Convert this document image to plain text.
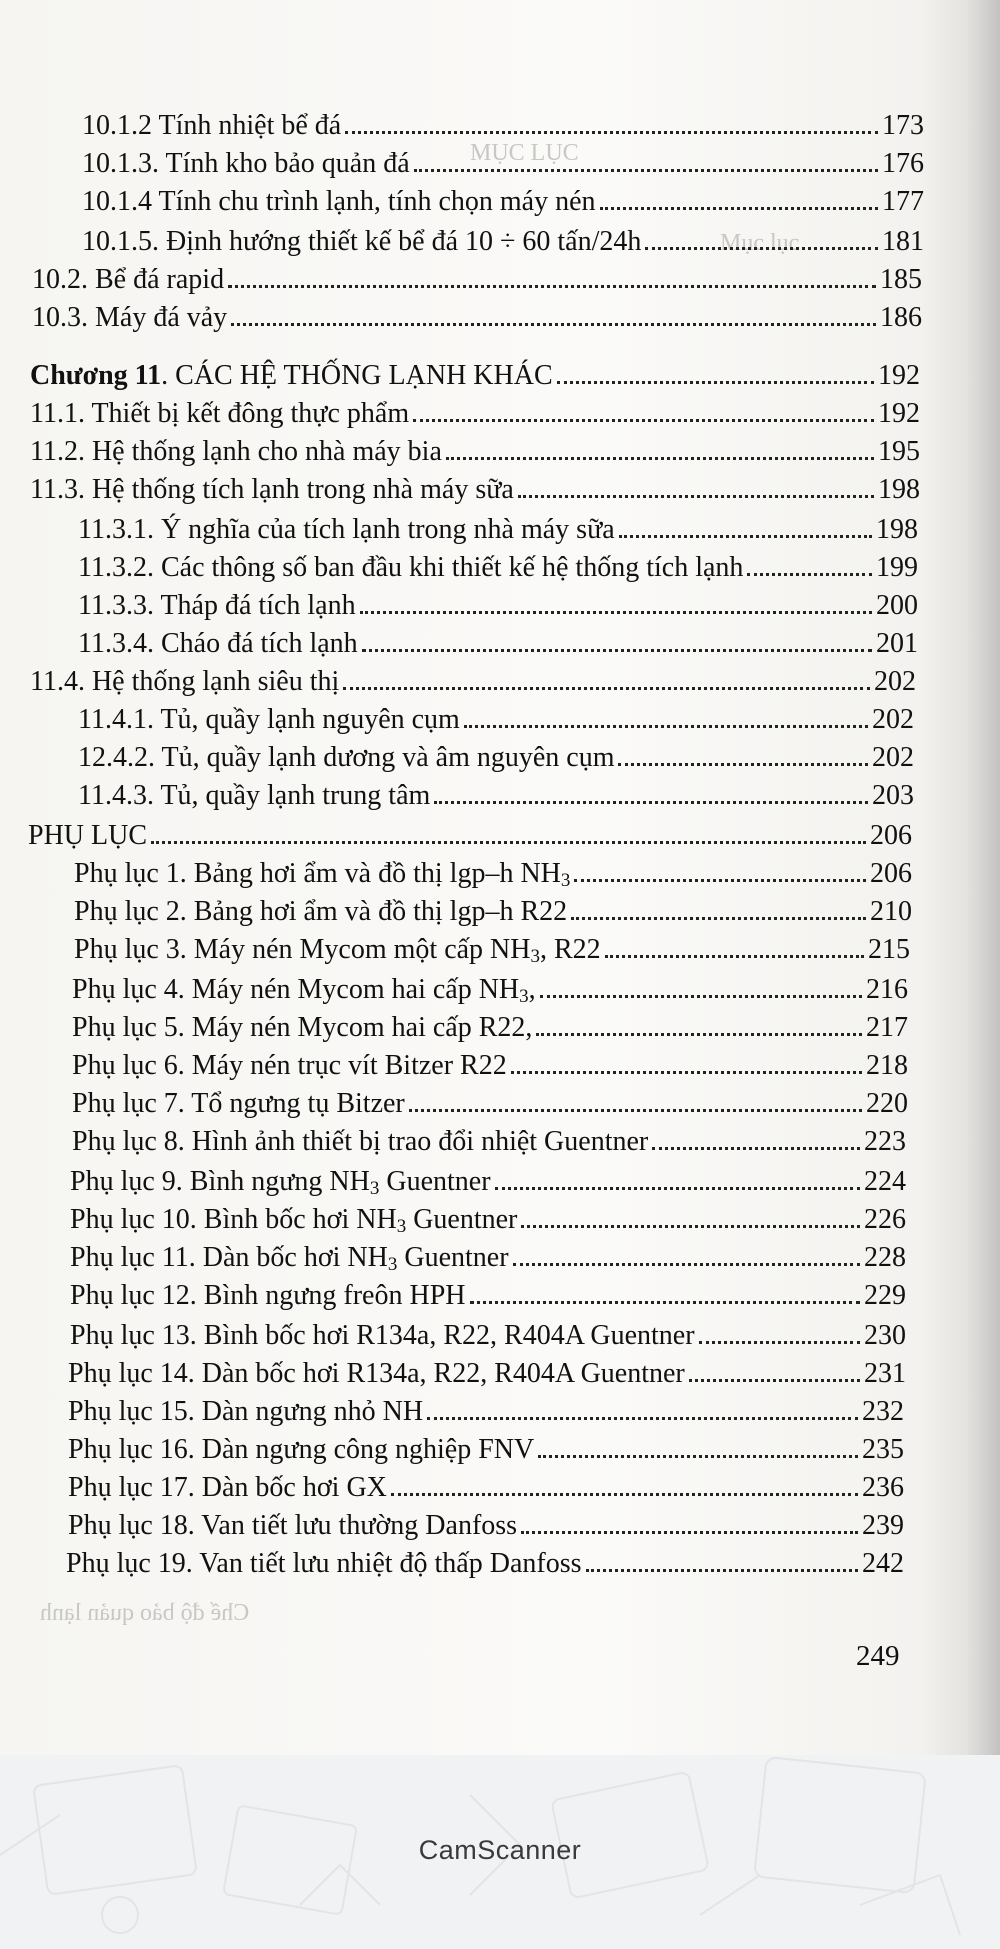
MỤC LỤC
Mục lục
Chế độ bảo quản lạnh
10.1.2 Tính nhiệt bể đá	173
10.1.3. Tính kho bảo quản đá	176
10.1.4 Tính chu trình lạnh, tính chọn máy nén	177
10.1.5. Định hướng thiết kế bể đá 10 ÷ 60 tấn/24h	181
10.2. Bể đá rapid	185
10.3. Máy đá vảy	186
Chương 11. CÁC HỆ THỐNG LẠNH KHÁC	192
11.1. Thiết bị kết đông thực phẩm	192
11.2. Hệ thống lạnh cho nhà máy bia	195
11.3. Hệ thống tích lạnh trong nhà máy sữa	198
11.3.1. Ý nghĩa của tích lạnh trong nhà máy sữa	198
11.3.2. Các thông số ban đầu khi thiết kế hệ thống tích lạnh	199
11.3.3. Tháp đá tích lạnh	200
11.3.4. Cháo đá tích lạnh	201
11.4. Hệ thống lạnh siêu thị	202
11.4.1. Tủ, quầy lạnh nguyên cụm	202
12.4.2. Tủ, quầy lạnh dương và âm nguyên cụm	202
11.4.3. Tủ, quầy lạnh trung tâm	203
PHỤ LỤC	206
Phụ lục 1. Bảng hơi ẩm và đồ thị lgp–h $NH_3$	206
Phụ lục 2. Bảng hơi ẩm và đồ thị lgp–h R22	210
Phụ lục 3. Máy nén Mycom một cấp $NH_3$, R22	215
Phụ lục 4. Máy nén Mycom hai cấp $NH_3$,	216
Phụ lục 5. Máy nén Mycom hai cấp R22,	217
Phụ lục 6. Máy nén trục vít Bitzer R22	218
Phụ lục 7. Tổ ngưng tụ Bitzer	220
Phụ lục 8. Hình ảnh thiết bị trao đổi nhiệt Guentner	223
Phụ lục 9. Bình ngưng $NH_3$ Guentner	224
Phụ lục 10. Bình bốc hơi $NH_3$ Guentner	226
Phụ lục 11. Dàn bốc hơi $NH_3$ Guentner	228
Phụ lục 12. Bình ngưng freôn HPH	229
Phụ lục 13. Bình bốc hơi R134a, R22, R404A Guentner	230
Phụ lục 14. Dàn bốc hơi R134a, R22, R404A Guentner	231
Phụ lục 15. Dàn ngưng nhỏ NH	232
Phụ lục 16. Dàn ngưng công nghiệp FNV	235
Phụ lục 17. Dàn bốc hơi GX	236
Phụ lục 18. Van tiết lưu thường Danfoss	239
Phụ lục 19. Van tiết lưu nhiệt độ thấp Danfoss	242
249
CamScanner
